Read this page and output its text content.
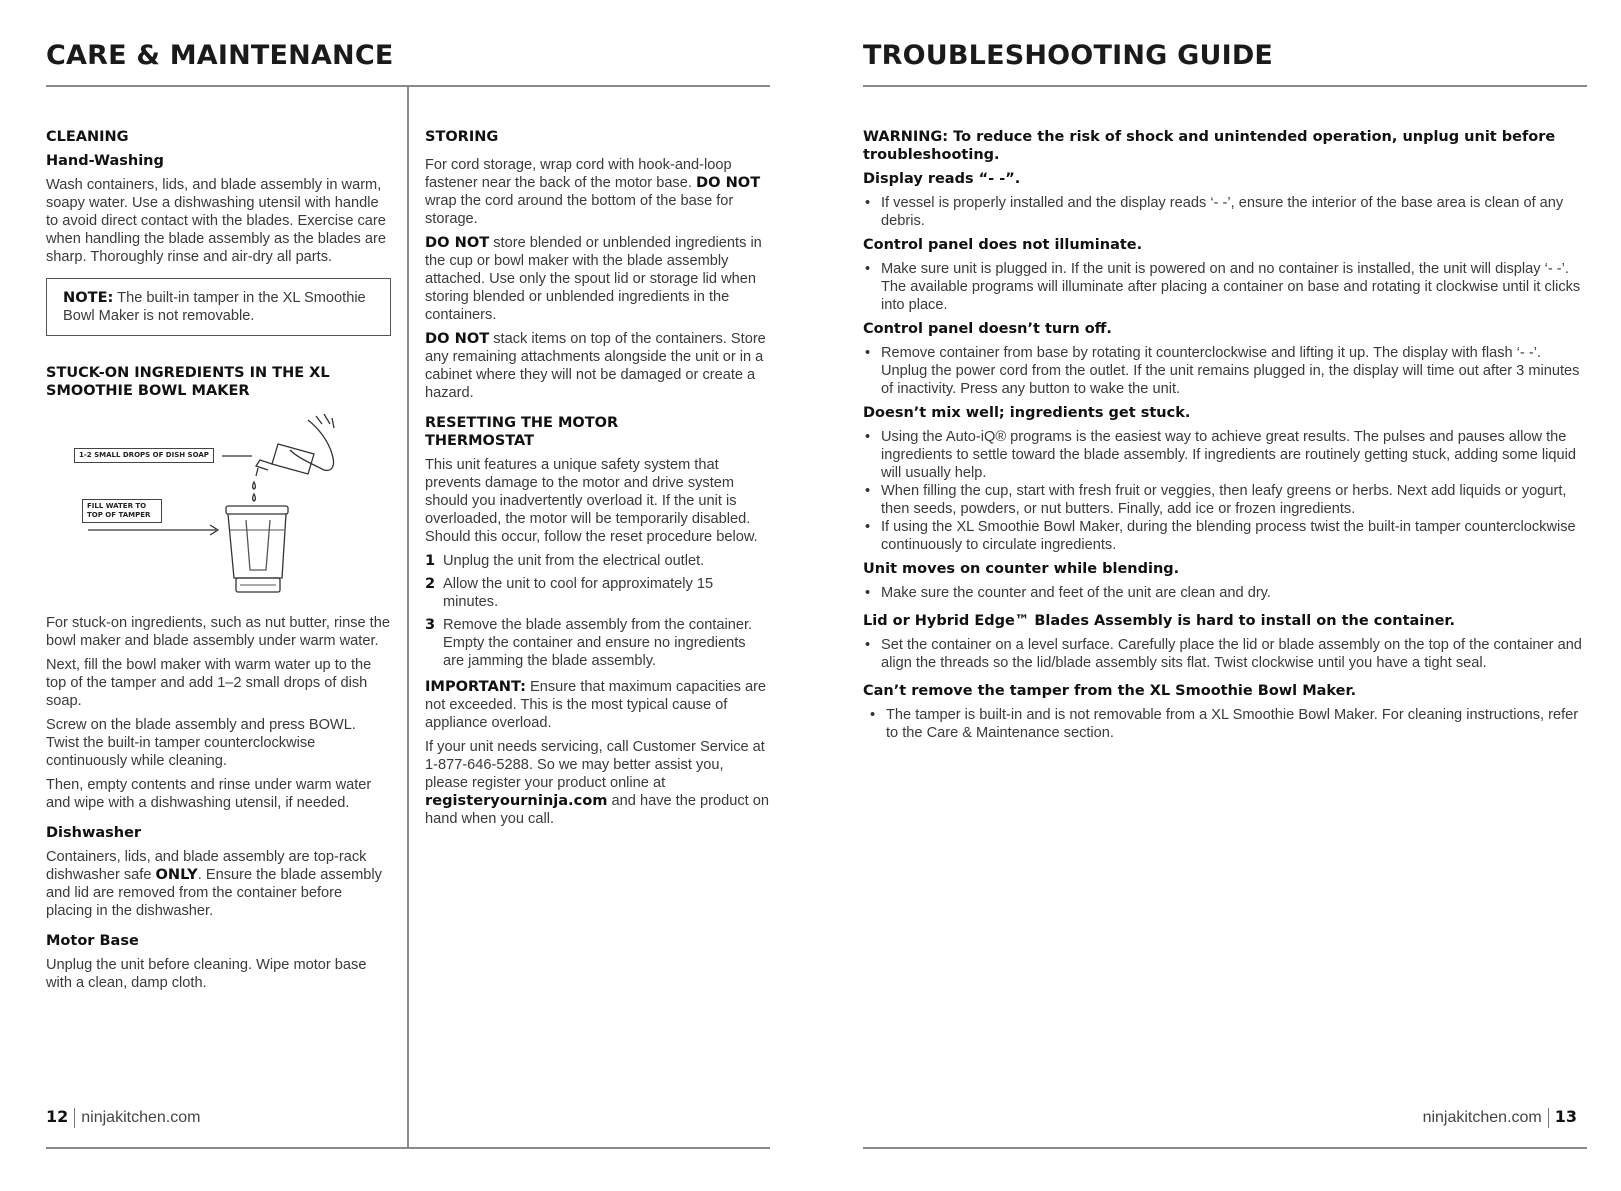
CARE & MAINTENANCE

CLEANING

Hand-Washing

Wash containers, lids, and blade assembly in warm, soapy water. Use a dishwashing utensil with handle to avoid direct contact with the blades. Exercise care when handling the blade assembly as the blades are sharp. Thoroughly rinse and air-dry all parts.

NOTE: The built-in tamper in the XL Smoothie Bowl Maker is not removable.

STUCK-ON INGREDIENTS IN THE XL SMOOTHIE BOWL MAKER

1-2 SMALL DROPS OF DISH SOAP
FILL WATER TO TOP OF TAMPER

For stuck-on ingredients, such as nut butter, rinse the bowl maker and blade assembly under warm water.

Next, fill the bowl maker with warm water up to the top of the tamper and add 1–2 small drops of dish soap.

Screw on the blade assembly and press BOWL. Twist the built-in tamper counterclockwise continuously while cleaning.

Then, empty contents and rinse under warm water and wipe with a dishwashing utensil, if needed.

Dishwasher

Containers, lids, and blade assembly are top-rack dishwasher safe ONLY. Ensure the blade assembly and lid are removed from the container before placing in the dishwasher.

Motor Base

Unplug the unit before cleaning. Wipe motor base with a clean, damp cloth.

STORING

For cord storage, wrap cord with hook-and-loop fastener near the back of the motor base. DO NOT wrap the cord around the bottom of the base for storage.

DO NOT store blended or unblended ingredients in the cup or bowl maker with the blade assembly attached. Use only the spout lid or storage lid when storing blended or unblended ingredients in the containers.

DO NOT stack items on top of the containers. Store any remaining attachments alongside the unit or in a cabinet where they will not be damaged or create a hazard.

RESETTING THE MOTOR THERMOSTAT

This unit features a unique safety system that prevents damage to the motor and drive system should you inadvertently overload it. If the unit is overloaded, the motor will be temporarily disabled. Should this occur, follow the reset procedure below.

1 Unplug the unit from the electrical outlet.
2 Allow the unit to cool for approximately 15 minutes.
3 Remove the blade assembly from the container. Empty the container and ensure no ingredients are jamming the blade assembly.

IMPORTANT: Ensure that maximum capacities are not exceeded. This is the most typical cause of appliance overload.

If your unit needs servicing, call Customer Service at 1-877-646-5288. So we may better assist you, please register your product online at registeryourninja.com and have the product on hand when you call.

12 ninjakitchen.com
TROUBLESHOOTING GUIDE

WARNING: To reduce the risk of shock and unintended operation, unplug unit before troubleshooting.

Display reads “- -”.

• If vessel is properly installed and the display reads ‘- -’, ensure the interior of the base area is clean of any debris.

Control panel does not illuminate.

• Make sure unit is plugged in. If the unit is powered on and no container is installed, the unit will display ‘- -’. The available programs will illuminate after placing a container on base and rotating it clockwise until it clicks into place.

Control panel doesn’t turn off.

• Remove container from base by rotating it counterclockwise and lifting it up. The display with flash ‘- -’. Unplug the power cord from the outlet. If the unit remains plugged in, the display will time out after 3 minutes of inactivity. Press any button to wake the unit.

Doesn’t mix well; ingredients get stuck.

• Using the Auto-iQ® programs is the easiest way to achieve great results. The pulses and pauses allow the ingredients to settle toward the blade assembly. If ingredients are routinely getting stuck, adding some liquid will usually help.
• When filling the cup, start with fresh fruit or veggies, then leafy greens or herbs. Next add liquids or yogurt, then seeds, powders, or nut butters. Finally, add ice or frozen ingredients.
• If using the XL Smoothie Bowl Maker, during the blending process twist the built-in tamper counterclockwise continuously to circulate ingredients.

Unit moves on counter while blending.

• Make sure the counter and feet of the unit are clean and dry.

Lid or Hybrid Edge™ Blades Assembly is hard to install on the container.

• Set the container on a level surface. Carefully place the lid or blade assembly on the top of the container and align the threads so the lid/blade assembly sits flat. Twist clockwise until you have a tight seal.

Can’t remove the tamper from the XL Smoothie Bowl Maker.

• The tamper is built-in and is not removable from a XL Smoothie Bowl Maker. For cleaning instructions, refer to the Care & Maintenance section.
ninjakitchen.com 13
